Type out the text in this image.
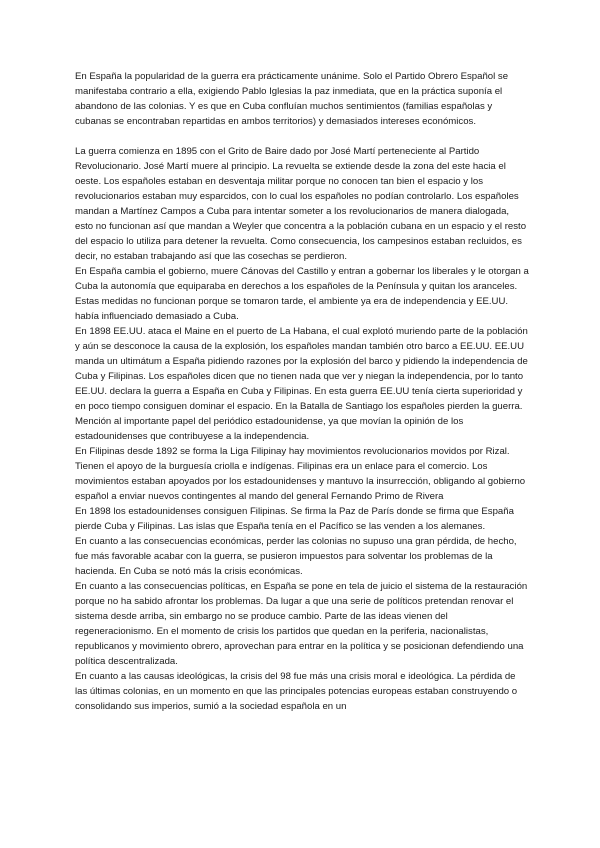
En España la popularidad de la guerra era prácticamente unánime. Solo el Partido Obrero Español se manifestaba contrario a ella, exigiendo Pablo Iglesias la paz inmediata, que en la práctica suponía el abandono de las colonias. Y es que en Cuba confluían muchos sentimientos (familias españolas y cubanas se encontraban repartidas en ambos territorios) y demasiados intereses económicos.

La guerra comienza en 1895 con el Grito de Baire dado por José Martí perteneciente al Partido Revolucionario. José Martí muere al principio. La revuelta se extiende desde la zona del este hacia el oeste. Los españoles estaban en desventaja militar porque no conocen tan bien el espacio y los revolucionarios estaban muy esparcidos, con lo cual los españoles no podían controlarlo. Los españoles mandan a Martínez Campos a Cuba para intentar someter a los revolucionarios de manera dialogada, esto no funcionan así que mandan a Weyler que concentra a la población cubana en un espacio y el resto del espacio lo utiliza para detener la revuelta. Como consecuencia, los campesinos estaban recluidos, es decir, no estaban trabajando así que las cosechas se perdieron.

En España cambia el gobierno, muere Cánovas del Castillo y entran a gobernar los liberales y le otorgan a Cuba la autonomía que equiparaba en derechos a los españoles de la Península y quitan los aranceles. Estas medidas no funcionan porque se tomaron tarde, el ambiente ya era de independencia y EE.UU. había influenciado demasiado a Cuba.

En 1898 EE.UU. ataca el Maine en el puerto de La Habana, el cual explotó muriendo parte de la población y aún se desconoce la causa de la explosión, los españoles mandan también otro barco a EE.UU. EE.UU manda un ultimátum a España pidiendo razones por la explosión del barco y pidiendo la independencia de Cuba y Filipinas. Los españoles dicen que no tienen nada que ver y niegan la independencia, por lo tanto EE.UU. declara la guerra a España en Cuba y Filipinas. En esta guerra EE.UU tenía cierta superioridad y en poco tiempo consiguen dominar el espacio. En la Batalla de Santiago los españoles pierden la guerra. Mención al importante papel del periódico estadounidense, ya que movían la opinión de los estadounidenses que contribuyese a la independencia.

En Filipinas desde 1892 se forma la Liga Filipinay hay movimientos revolucionarios movidos por Rizal. Tienen el apoyo de la burguesía criolla e indígenas. Filipinas era un enlace para el comercio. Los movimientos estaban apoyados por los estadounidenses y mantuvo la insurrección, obligando al gobierno español a enviar nuevos contingentes al mando del general Fernando Primo de Rivera

En 1898 los estadounidenses consiguen Filipinas. Se firma la Paz de París donde se firma que España pierde Cuba y Filipinas. Las islas que España tenía en el Pacífico se las venden a los alemanes.

En cuanto a las consecuencias económicas, perder las colonias no supuso una gran pérdida, de hecho, fue más favorable acabar con la guerra, se pusieron impuestos para solventar los problemas de la hacienda. En Cuba se notó más la crisis económicas.

En cuanto a las consecuencias políticas, en España se pone en tela de juicio el sistema de la restauración porque no ha sabido afrontar los problemas. Da lugar a que una serie de políticos pretendan renovar el sistema desde arriba, sin embargo no se produce cambio. Parte de las ideas vienen del regeneracionismo. En el momento de crisis los partidos que quedan en la periferia, nacionalistas, republicanos y movimiento obrero, aprovechan para entrar en la política y se posicionan defendiendo una política descentralizada.

En cuanto a las causas ideológicas, la crisis del 98 fue más una crisis moral e ideológica. La pérdida de las últimas colonias, en un momento en que las principales potencias europeas estaban construyendo o consolidando sus imperios, sumió a la sociedad española en un
